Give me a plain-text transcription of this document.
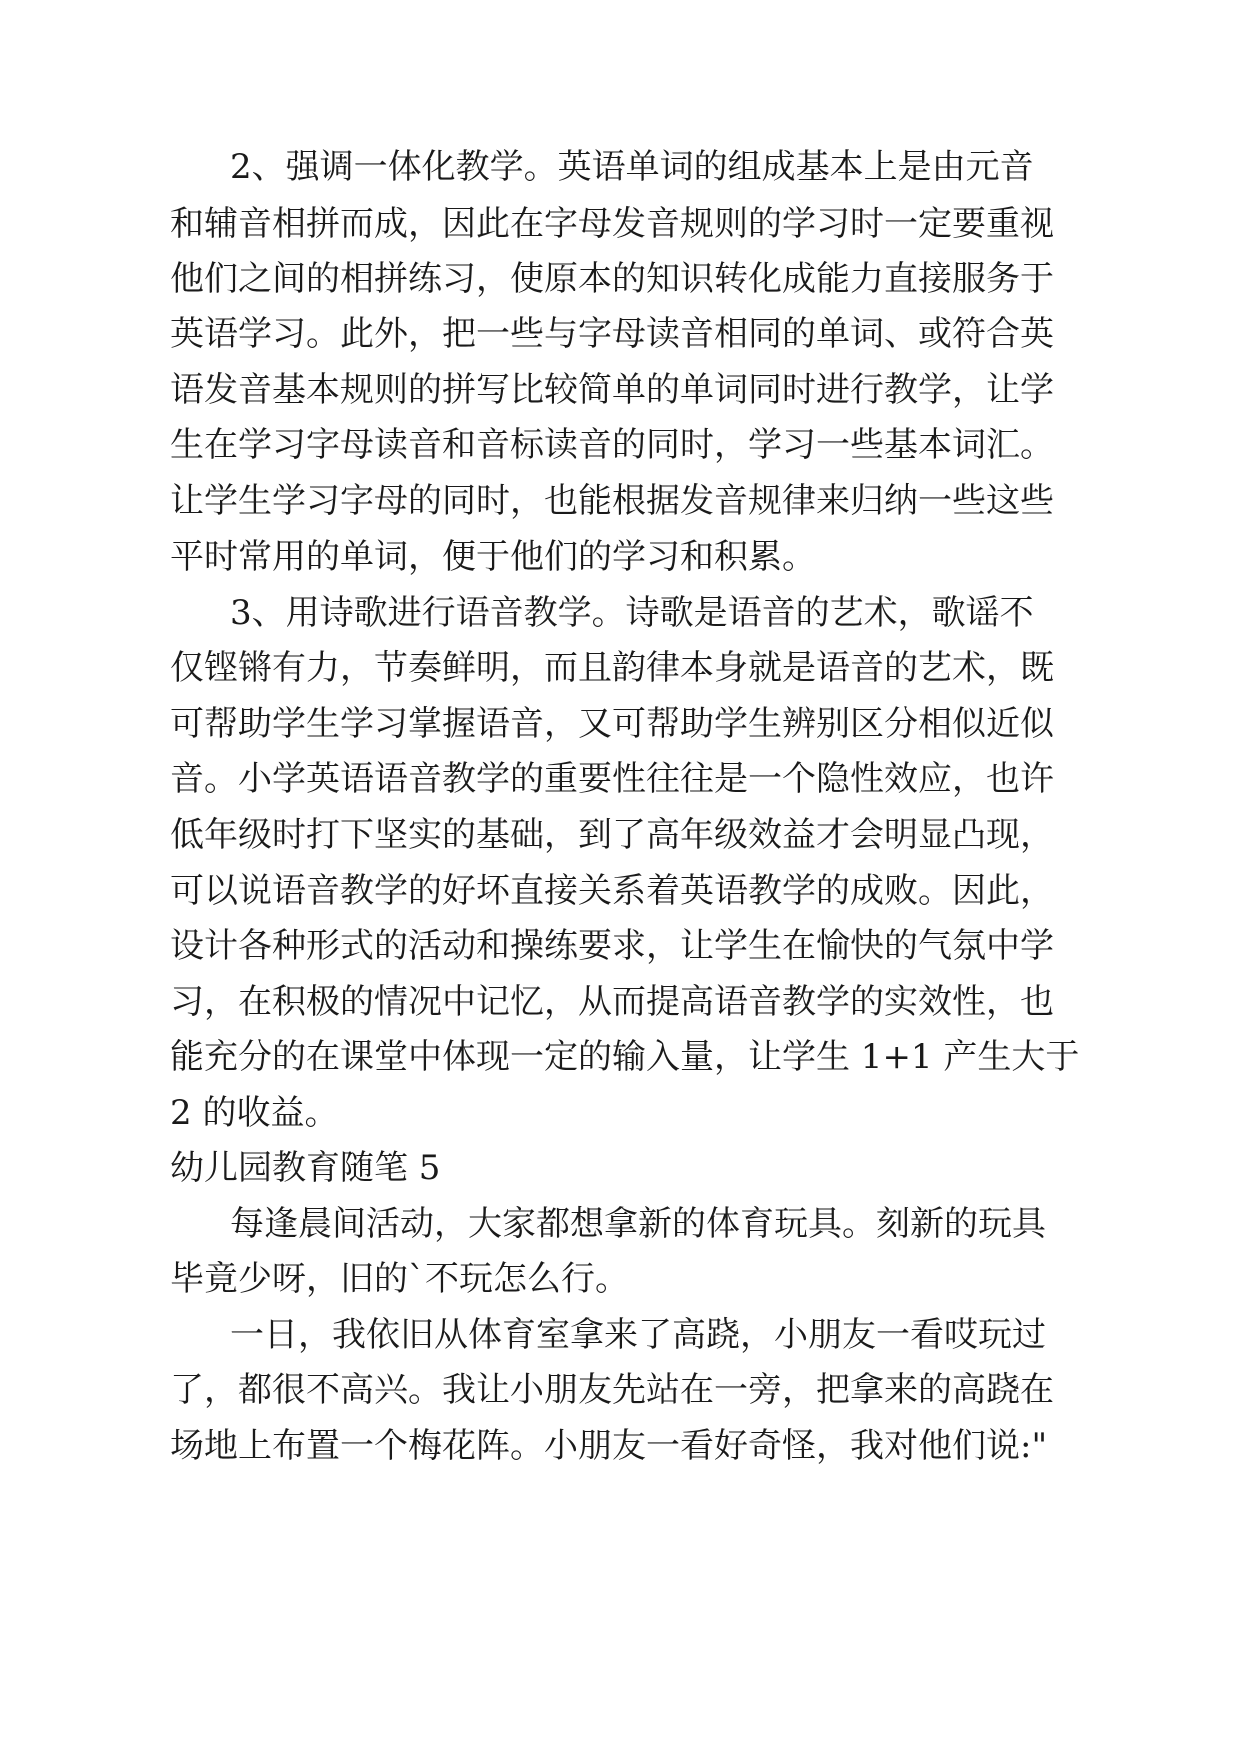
2、强调一体化教学。英语单词的组成基本上是由元音
和辅音相拼而成，因此在字母发音规则的学习时一定要重视
他们之间的相拼练习，使原本的知识转化成能力直接服务于
英语学习。此外，把一些与字母读音相同的单词、或符合英
语发音基本规则的拼写比较简单的单词同时进行教学，让学
生在学习字母读音和音标读音的同时，学习一些基本词汇。
让学生学习字母的同时，也能根据发音规律来归纳一些这些
平时常用的单词，便于他们的学习和积累。
3、用诗歌进行语音教学。诗歌是语音的艺术，歌谣不
仅铿锵有力，节奏鲜明，而且韵律本身就是语音的艺术，既
可帮助学生学习掌握语音，又可帮助学生辨别区分相似近似
音。小学英语语音教学的重要性往往是一个隐性效应，也许
低年级时打下坚实的基础，到了高年级效益才会明显凸现，
可以说语音教学的好坏直接关系着英语教学的成败。因此，
设计各种形式的活动和操练要求，让学生在愉快的气氛中学
习，在积极的情况中记忆，从而提高语音教学的实效性，也
能充分的在课堂中体现一定的输入量，让学生 1+1 产生大于
2 的收益。
幼儿园教育随笔 5
每逢晨间活动，大家都想拿新的体育玩具。刻新的玩具
毕竟少呀，旧的`不玩怎么行。
一日，我依旧从体育室拿来了高跷，小朋友一看哎玩过
了，都很不高兴。我让小朋友先站在一旁，把拿来的高跷在
场地上布置一个梅花阵。小朋友一看好奇怪，我对他们说:"
